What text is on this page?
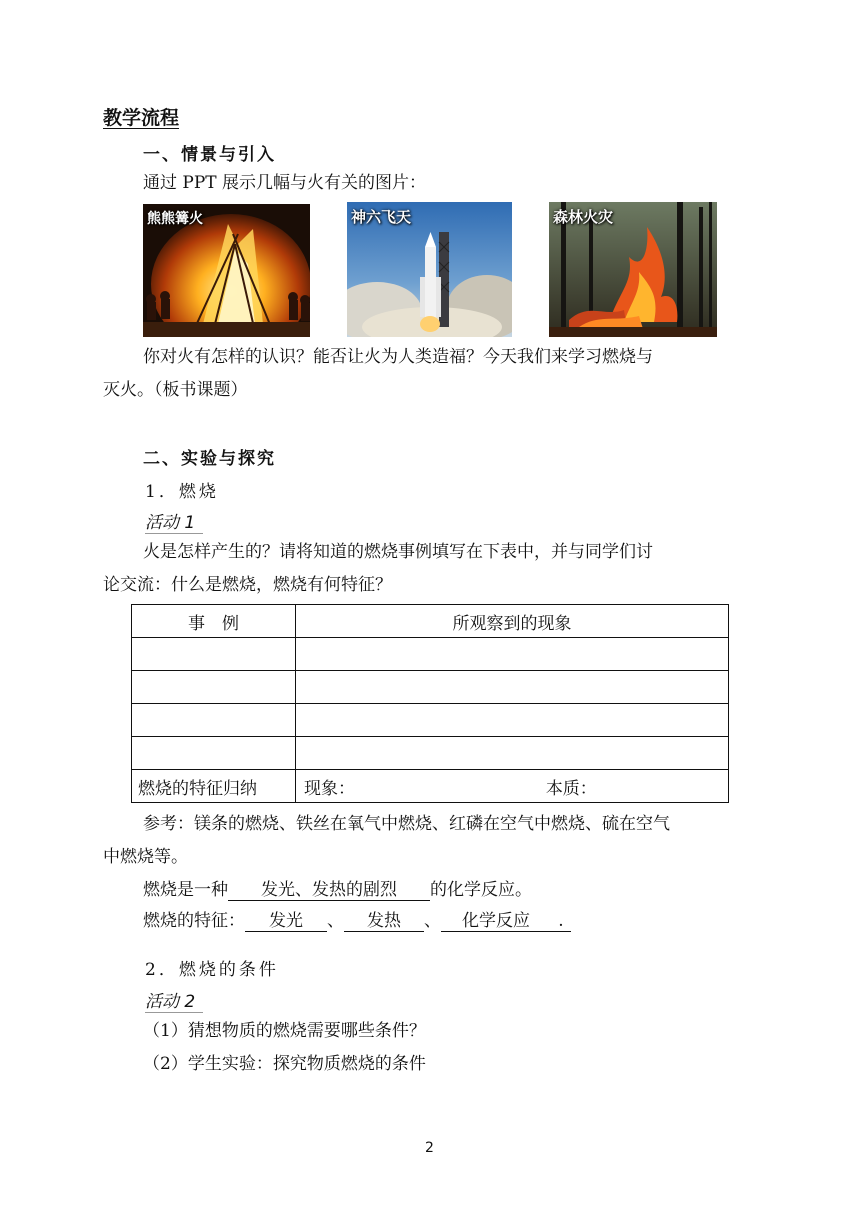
教学流程
一、情景与引入
通过 PPT 展示几幅与火有关的图片：
熊熊篝火	神六飞天	森林火灾
你对火有怎样的认识？能否让火为人类造福？今天我们来学习燃烧与
灭火。（板书课题）
二、实验与探究
1．燃烧
活动 1
火是怎样产生的？请将知道的燃烧事例填写在下表中，并与同学们讨
论交流：什么是燃烧，燃烧有何特征？
事　例	所观察到的现象

燃烧的特征归纳	现象： 本质：
参考：镁条的燃烧、铁丝在氧气中燃烧、红磷在空气中燃烧、硫在空气
中燃烧等。
燃烧是一种 发光、发热的剧烈 的化学反应。
燃烧的特征： 发光 、 发热 、 化学反应 .
2．燃烧的条件
活动 2
（1）猜想物质的燃烧需要哪些条件？
（2）学生实验：探究物质燃烧的条件
2
